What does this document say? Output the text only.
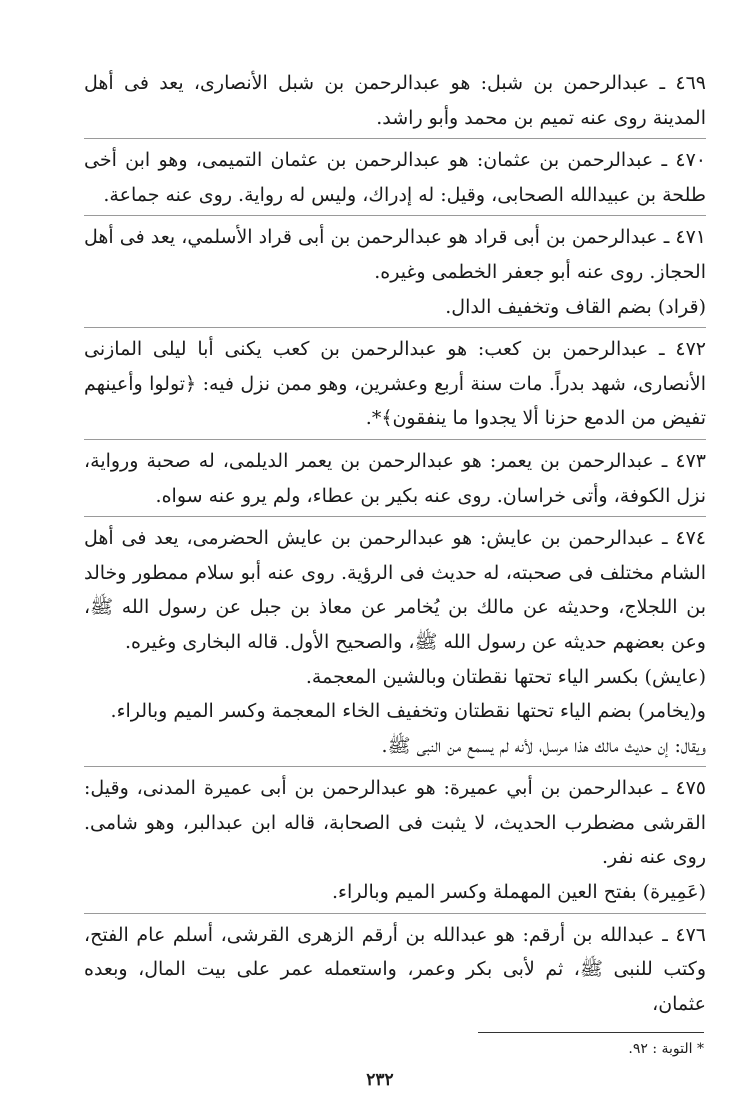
٤٦٩ ـ عبدالرحمن بن شبل: هو عبدالرحمن بن شبل الأنصارى، يعد فى أهل المدينة روى عنه تميم بن محمد وأبو راشد.

٤٧٠ ـ عبدالرحمن بن عثمان: هو عبدالرحمن بن عثمان التميمى، وهو ابن أخى طلحة بن عبيدالله الصحابى، وقيل: له إدراك، وليس له رواية. روى عنه جماعة.

٤٧١ ـ عبدالرحمن بن أبى قراد هو عبدالرحمن بن أبى قراد الأسلمي، يعد فى أهل الحجاز. روى عنه أبو جعفر الخطمى وغيره.

(قراد) بضم القاف وتخفيف الدال.

٤٧٢ ـ عبدالرحمن بن كعب: هو عبدالرحمن بن كعب يكنى أبا ليلى المازنى الأنصارى، شهد بدراً. مات سنة أربع وعشرين، وهو ممن نزل فيه: ﴿تولوا وأعينهم تفيض من الدمع حزنا ألا يجدوا ما ينفقون﴾*.

٤٧٣ ـ عبدالرحمن بن يعمر: هو عبدالرحمن بن يعمر الديلمى، له صحبة ورواية، نزل الكوفة، وأتى خراسان. روى عنه بكير بن عطاء، ولم يرو عنه سواه.

٤٧٤ ـ عبدالرحمن بن عايش: هو عبدالرحمن بن عايش الحضرمى، يعد فى أهل الشام مختلف فى صحبته، له حديث فى الرؤية. روى عنه أبو سلام ممطور وخالد بن اللجلاج، وحديثه عن مالك بن يُخامر عن معاذ بن جبل عن رسول الله ﷺ، وعن بعضهم حديثه عن رسول الله ﷺ، والصحيح الأول. قاله البخارى وغيره.

(عايش) بكسر الياء تحتها نقطتان وبالشين المعجمة.

و(يخامر) بضم الياء تحتها نقطتان وتخفيف الخاء المعجمة وكسر الميم وبالراء.

ويقال: إن حديث مالك هذا مرسل، لأنه لم يسمع من النبى ﷺ.

٤٧٥ ـ عبدالرحمن بن أبي عميرة: هو عبدالرحمن بن أبى عميرة المدنى، وقيل: القرشى مضطرب الحديث، لا يثبت فى الصحابة، قاله ابن عبدالبر، وهو شامى. روى عنه نفر.

(عَمِيرة) بفتح العين المهملة وكسر الميم وبالراء.

٤٧٦ ـ عبدالله بن أرقم: هو عبدالله بن أرقم الزهرى القرشى، أسلم عام الفتح، وكتب للنبى ﷺ، ثم لأبى بكر وعمر، واستعمله عمر على بيت المال، وبعده عثمان،

* التوبة : ٩٢.
٢٣٢
